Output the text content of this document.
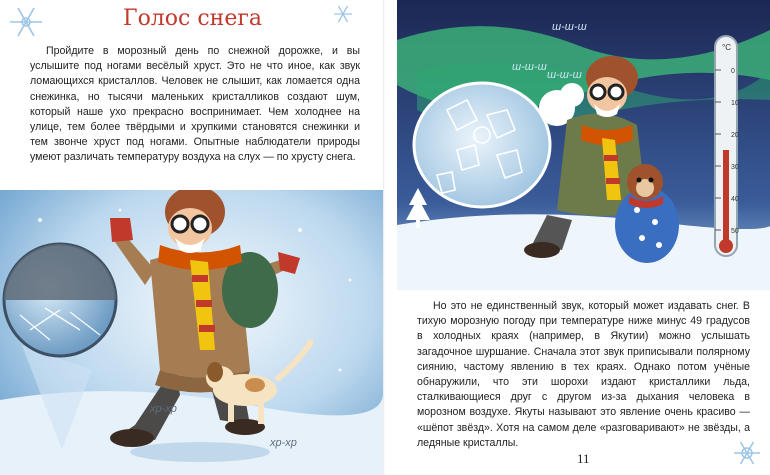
Голос снега

Пройдите в морозный день по снежной дорожке, и вы услышите под ногами весёлый хруст. Это не что иное, как звук ломающихся кристаллов. Человек не слышит, как ломается одна снежинка, но тысячи маленьких кристалликов создают шум, который наше ухо прекрасно воспринимает. Чем холоднее на улице, тем более твёрдыми и хрупкими становятся снежинки и тем звонче хруст под ногами. Опытные наблюдатели природы умеют различать температуру воздуха на слух — по хрусту снега.

хр-хр
хр-хр
ш-ш-ш
ш-ш-ш
ш-ш-ш
°C
0
10
20
30
40
50

Но это не единственный звук, который может издавать снег. В тихую морозную погоду при температуре ниже минус 49 градусов в холодных краях (например, в Якутии) можно услышать загадочное шуршание. Сначала этот звук приписывали полярному сиянию, частому явлению в тех краях. Однако потом учёные обнаружили, что эти шорохи издают кристаллики льда, сталкивающиеся друг с другом из-за дыхания человека в морозном воздухе. Якуты называют это явление очень красиво — «шёпот звёзд». Хотя на самом деле «разговаривают» не звёзды, а ледяные кристаллы.

11
